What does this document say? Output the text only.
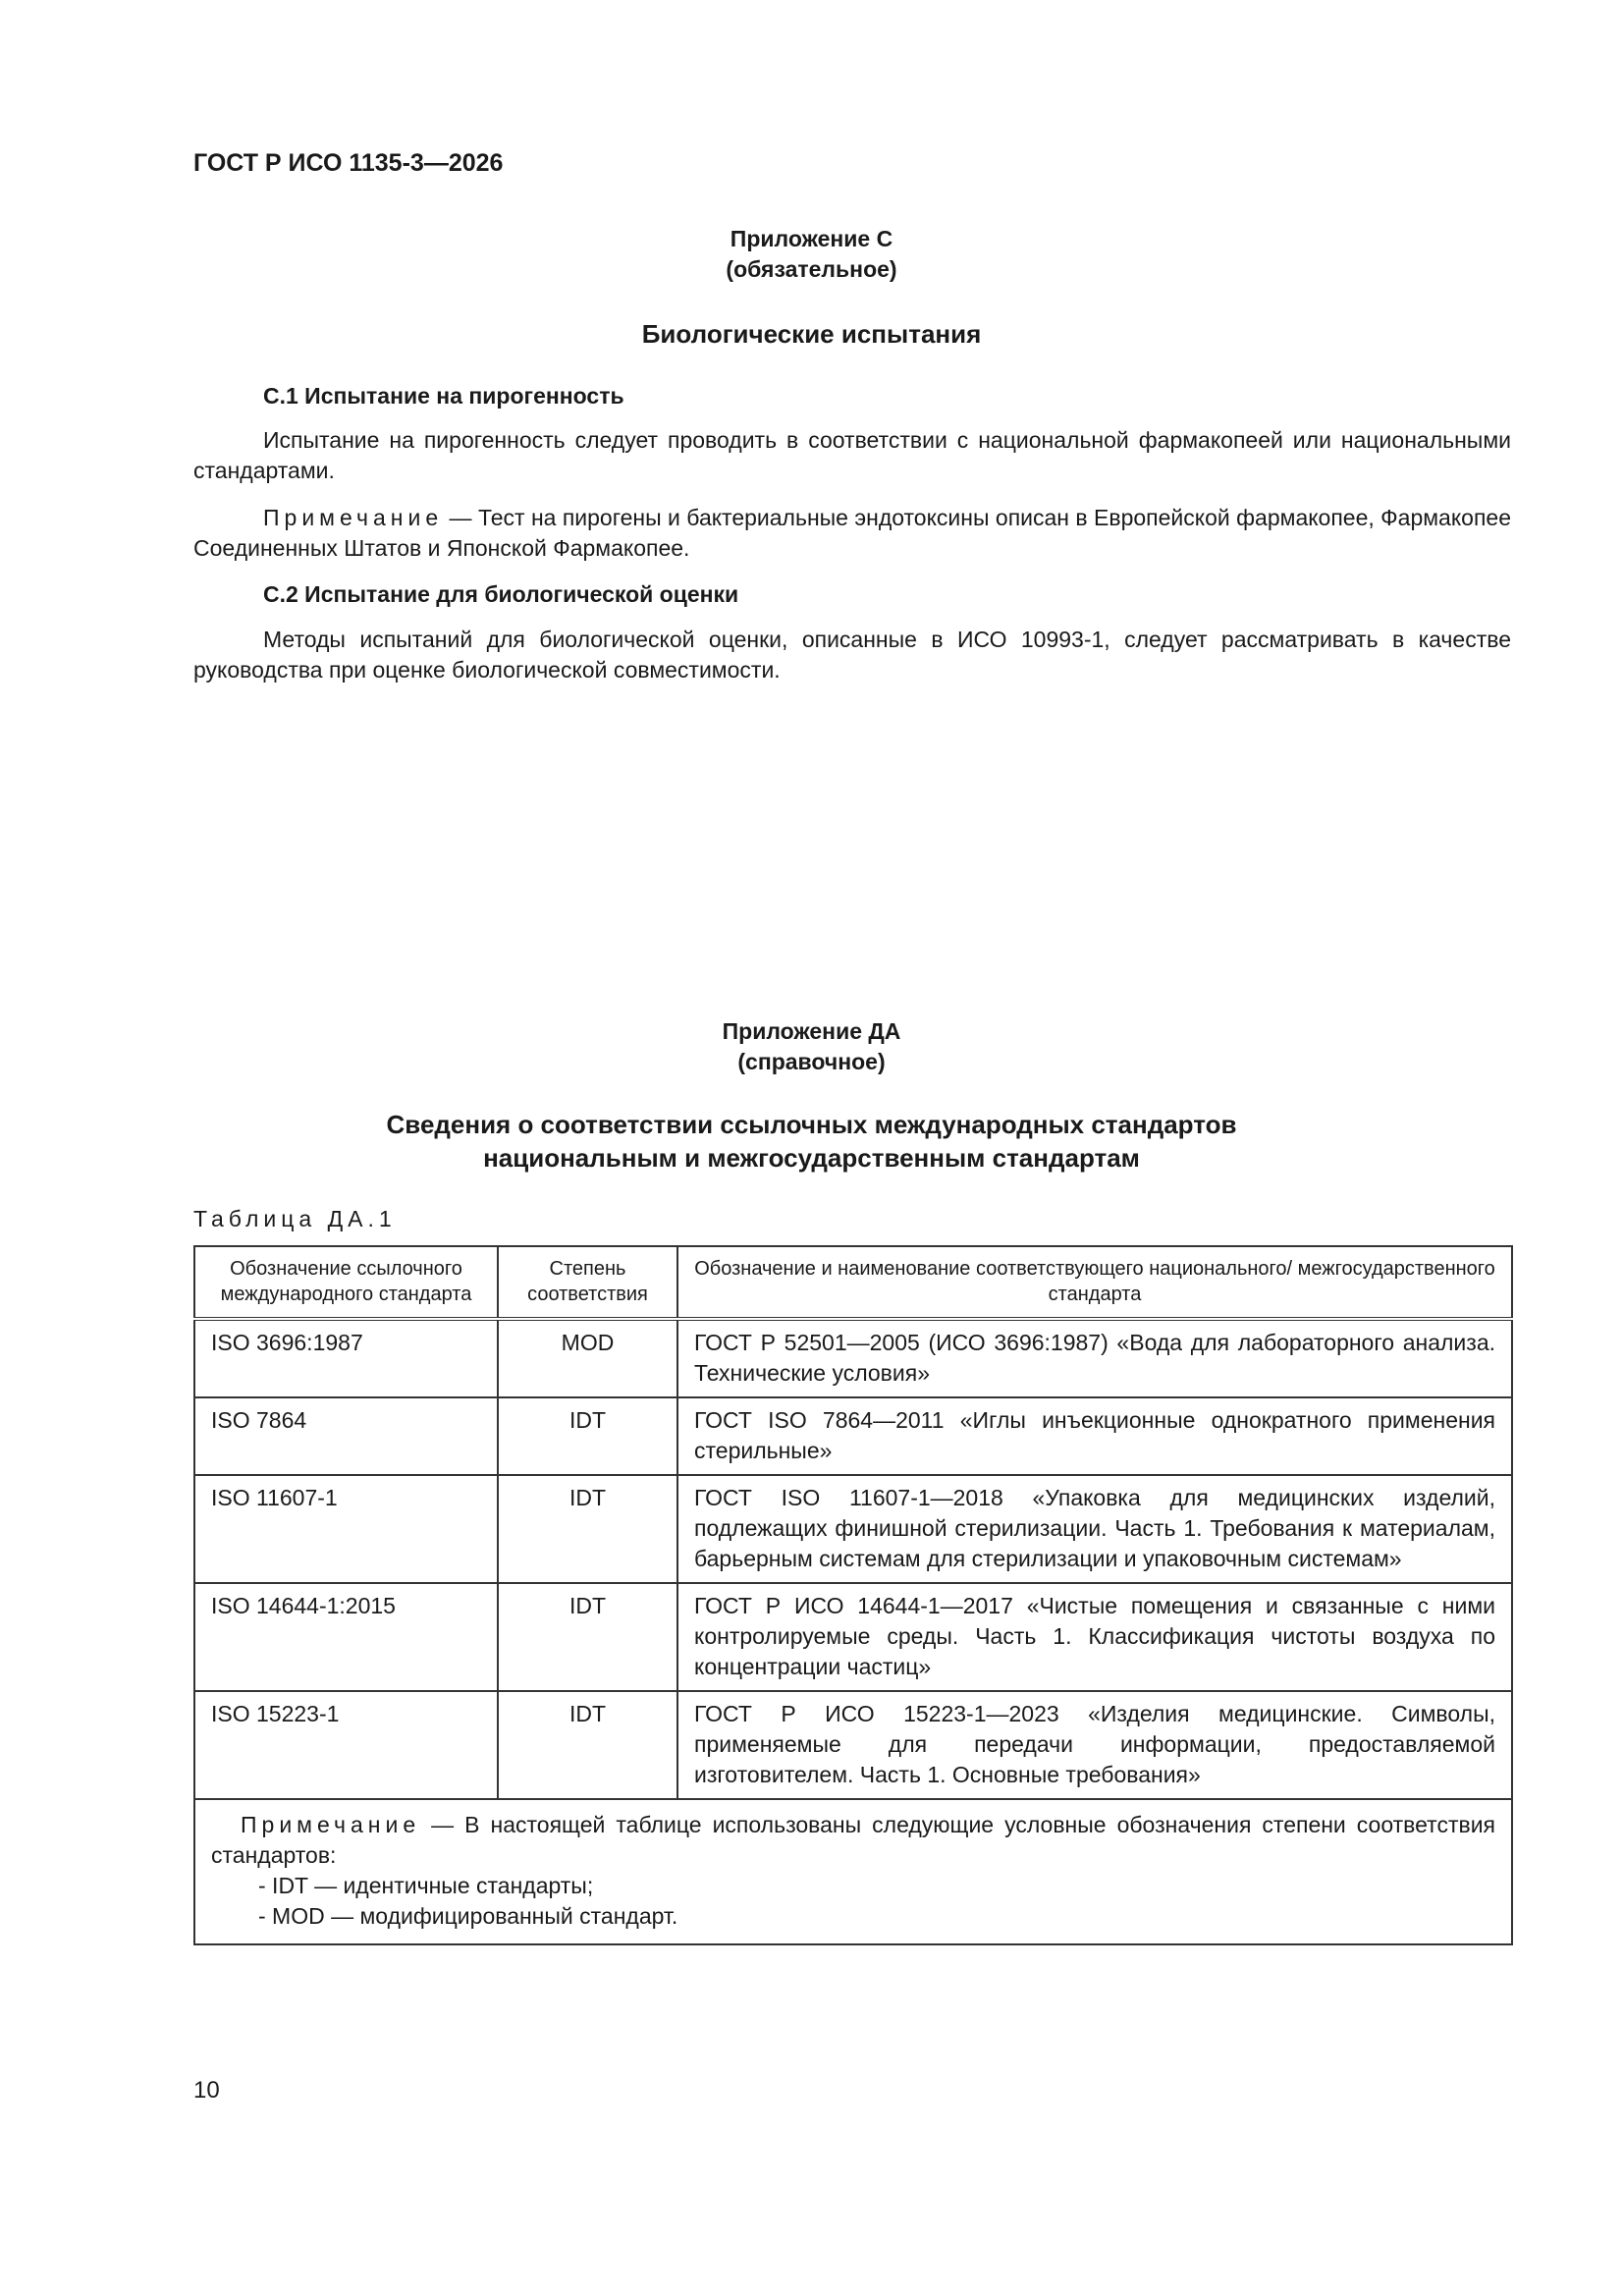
ГОСТ Р ИСО 1135-3—2026
Приложение C
(обязательное)
Биологические испытания
C.1 Испытание на пирогенность
Испытание на пирогенность следует проводить в соответствии с национальной фармакопеей или национальными стандартами.
Примечание — Тест на пирогены и бактериальные эндотоксины описан в Европейской фармакопее, Фармакопее Соединенных Штатов и Японской Фармакопее.
C.2 Испытание для биологической оценки
Методы испытаний для биологической оценки, описанные в ИСО 10993-1, следует рассматривать в качестве руководства при оценке биологической совместимости.
Приложение ДА
(справочное)
Сведения о соответствии ссылочных международных стандартов
национальным и межгосударственным стандартам
Таблица ДА.1
Обозначение ссылочного международного стандарта	Степень соответствия	Обозначение и наименование соответствующего национального/ межгосударственного стандарта
ISO 3696:1987	MOD	ГОСТ Р 52501—2005 (ИСО 3696:1987) «Вода для лабораторного анализа. Технические условия»
ISO 7864	IDT	ГОСТ ISO 7864—2011 «Иглы инъекционные однократного применения стерильные»
ISO 11607-1	IDT	ГОСТ ISO 11607-1—2018 «Упаковка для медицинских изделий, подлежащих финишной стерилизации. Часть 1. Требования к материалам, барьерным системам для стерилизации и упаковочным системам»
ISO 14644-1:2015	IDT	ГОСТ Р ИСО 14644-1—2017 «Чистые помещения и связанные с ними контролируемые среды. Часть 1. Классификация чистоты воздуха по концентрации частиц»
ISO 15223-1	IDT	ГОСТ Р ИСО 15223-1—2023 «Изделия медицинские. Символы, применяемые для передачи информации, предоставляемой изготовителем. Часть 1. Основные требования»

Примечание — В настоящей таблице использованы следующие условные обозначения степени соответствия стандартов:
- IDT — идентичные стандарты;
- MOD — модифицированный стандарт.		
10
